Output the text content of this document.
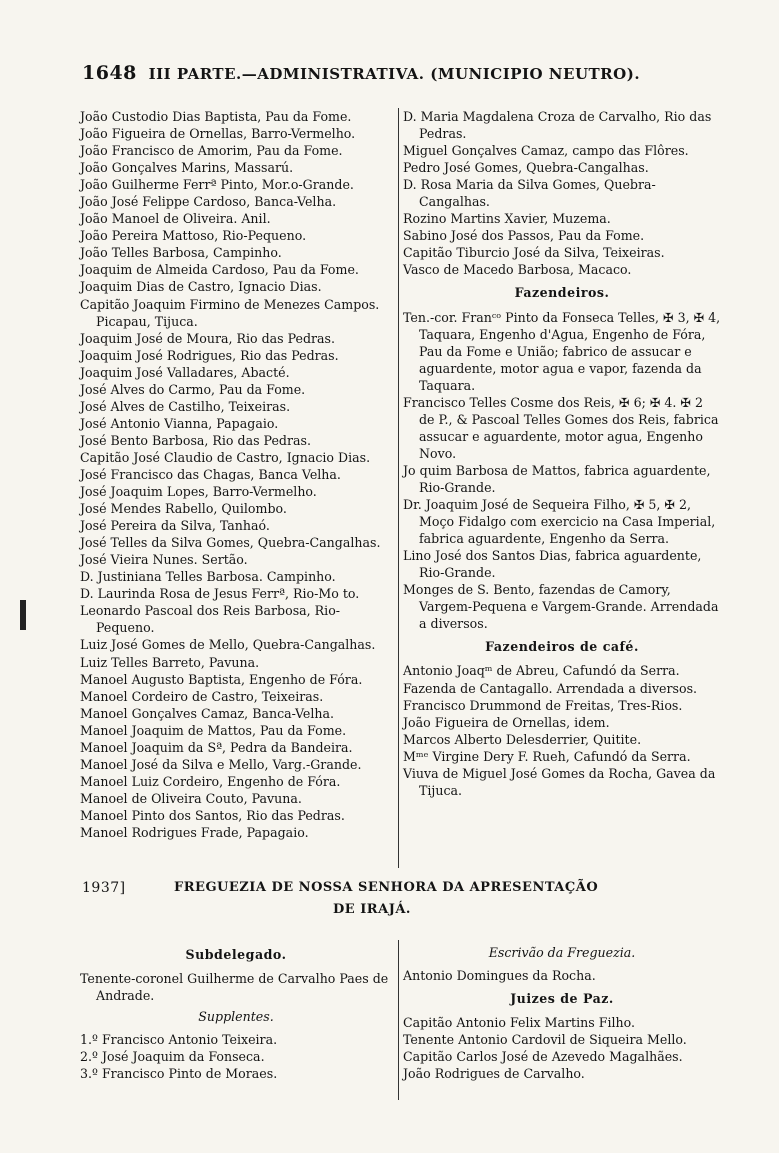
1648 III PARTE.—ADMINISTRATIVA. (MUNICIPIO NEUTRO).
João Custodio Dias Baptista, Pau da Fome.
João Figueira de Ornellas, Barro-Vermelho.
João Francisco de Amorim, Pau da Fome.
João Gonçalves Marins, Massarú.
João Guilherme Ferrª Pinto, Mor.o-Grande.
João José Felippe Cardoso, Banca-Velha.
João Manoel de Oliveira. Anil.
João Pereira Mattoso, Rio-Pequeno.
João Telles Barbosa, Campinho.
Joaquim de Almeida Cardoso, Pau da Fome.
Joaquim Dias de Castro, Ignacio Dias.
Capitão Joaquim Firmino de Menezes Campos. Picapau, Tijuca.
Joaquim José de Moura, Rio das Pedras.
Joaquim José Rodrigues, Rio das Pedras.
Joaquim José Valladares, Abacté.
José Alves do Carmo, Pau da Fome.
José Alves de Castilho, Teixeiras.
José Antonio Vianna, Papagaio.
José Bento Barbosa, Rio das Pedras.
Capitão José Claudio de Castro, Ignacio Dias.
José Francisco das Chagas, Banca Velha.
José Joaquim Lopes, Barro-Vermelho.
José Mendes Rabello, Quilombo.
José Pereira da Silva, Tanhaó.
José Telles da Silva Gomes, Quebra-Cangalhas.
José Vieira Nunes. Sertão.
D. Justiniana Telles Barbosa. Campinho.
D. Laurinda Rosa de Jesus Ferrª, Rio-Mo to.
Leonardo Pascoal dos Reis Barbosa, Rio-Pequeno.
Luiz José Gomes de Mello, Quebra-Cangalhas.
Luiz Telles Barreto, Pavuna.
Manoel Augusto Baptista, Engenho de Fóra.
Manoel Cordeiro de Castro, Teixeiras.
Manoel Gonçalves Camaz, Banca-Velha.
Manoel Joaquim de Mattos, Pau da Fome.
Manoel Joaquim da Sª, Pedra da Bandeira.
Manoel José da Silva e Mello, Varg.-Grande.
Manoel Luiz Cordeiro, Engenho de Fóra.
Manoel de Oliveira Couto, Pavuna.
Manoel Pinto dos Santos, Rio das Pedras.
Manoel Rodrigues Frade, Papagaio.
D. Maria Magdalena Croza de Carvalho, Rio das Pedras.
Miguel Gonçalves Camaz, campo das Flôres.
Pedro José Gomes, Quebra-Cangalhas.
D. Rosa Maria da Silva Gomes, Quebra-Cangalhas.
Rozino Martins Xavier, Muzema.
Sabino José dos Passos, Pau da Fome.
Capitão Tiburcio José da Silva, Teixeiras.
Vasco de Macedo Barbosa, Macaco.
Fazendeiros.
Ten.-cor. Franᶜᵒ Pinto da Fonseca Telles, ✠ 3, ✠ 4, Taquara, Engenho d'Agua, Engenho de Fóra, Pau da Fome e União; fabrico de assucar e aguardente, motor agua e vapor, fazenda da Taquara.
Francisco Telles Cosme dos Reis, ✠ 6; ✠ 4. ✠ 2 de P., & Pascoal Telles Gomes dos Reis, fabrica assucar e aguardente, motor agua, Engenho Novo.
Jo quim Barbosa de Mattos, fabrica aguardente, Rio-Grande.
Dr. Joaquim José de Sequeira Filho, ✠ 5, ✠ 2, Moço Fidalgo com exercicio na Casa Imperial, fabrica aguardente, Engenho da Serra.
Lino José dos Santos Dias, fabrica aguardente, Rio-Grande.
Monges de S. Bento, fazendas de Camory, Vargem-Pequena e Vargem-Grande. Arrendada a diversos.
Fazendeiros de café.
Antonio Joaqᵐ de Abreu, Cafundó da Serra.
Fazenda de Cantagallo. Arrendada a diversos.
Francisco Drummond de Freitas, Tres-Rios.
João Figueira de Ornellas, idem.
Marcos Alberto Delesderrier, Quitite.
Mᵐᵉ Virgine Dery F. Rueh, Cafundó da Serra.
Viuva de Miguel José Gomes da Rocha, Gavea da Tijuca.
1937]	FREGUEZIA DE NOSSA SENHORA DA APRESENTAÇÃO
DE IRAJÁ.
Subdelegado.
Tenente-coronel Guilherme de Carvalho Paes de Andrade.
Supplentes.
1.º Francisco Antonio Teixeira.
2.º José Joaquim da Fonseca.
3.º Francisco Pinto de Moraes.
Escrivão da Freguezia.
Antonio Domingues da Rocha.
Juizes de Paz.
Capitão Antonio Felix Martins Filho.
Tenente Antonio Cardovil de Siqueira Mello.
Capitão Carlos José de Azevedo Magalhães.
João Rodrigues de Carvalho.
